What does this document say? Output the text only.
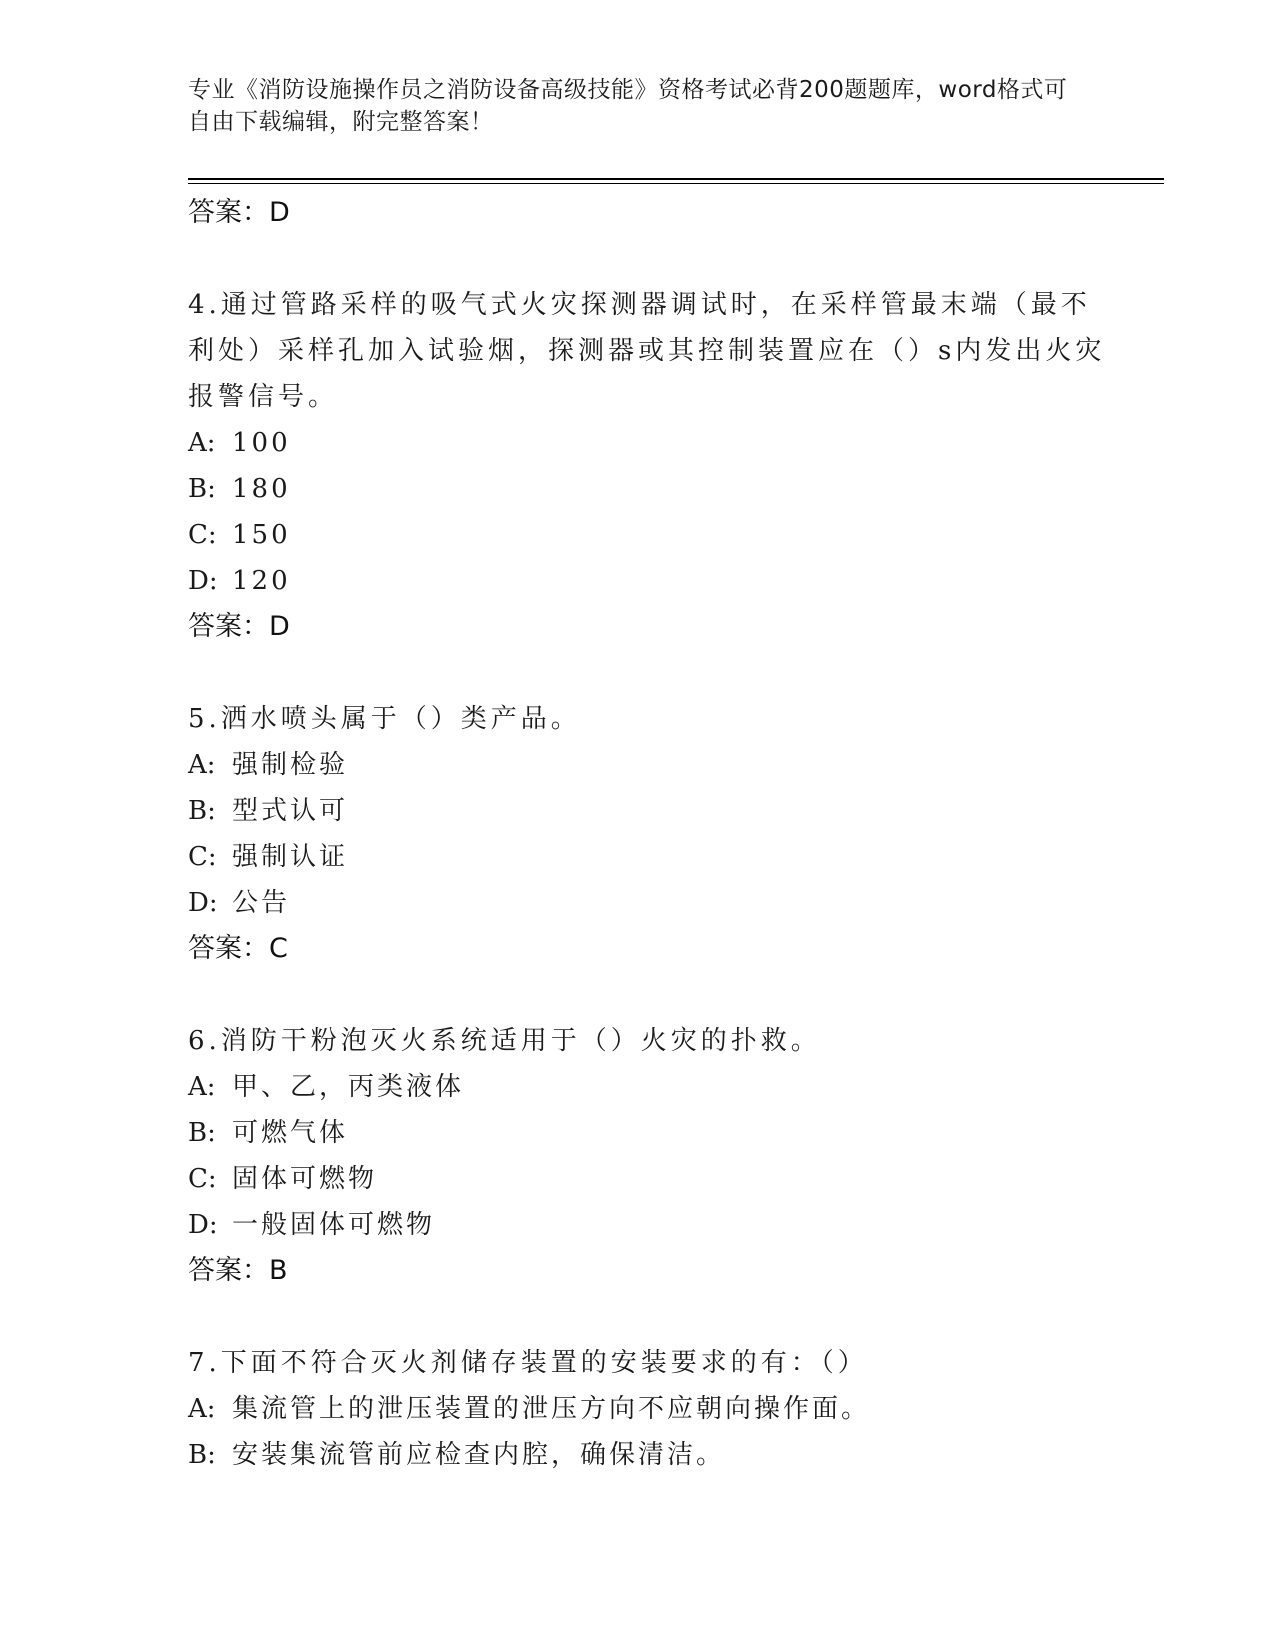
专业《消防设施操作员之消防设备高级技能》资格考试必背200题题库，word格式可自由下载编辑，附完整答案！
答案：D
4.通过管路采样的吸气式火灾探测器调试时，在采样管最末端（最不利处）采样孔加入试验烟，探测器或其控制装置应在（）s内发出火灾报警信号。
A: 100
B: 180
C: 150
D: 120
答案：D
5.洒水喷头属于（）类产品。
A: 强制检验
B: 型式认可
C: 强制认证
D: 公告
答案：C
6.消防干粉泡灭火系统适用于（）火灾的扑救。
A: 甲、乙，丙类液体
B: 可燃气体
C: 固体可燃物
D: 一般固体可燃物
答案：B
7.下面不符合灭火剂储存装置的安装要求的有：（）
A: 集流管上的泄压装置的泄压方向不应朝向操作面。
B: 安装集流管前应检查内腔，确保清洁。
